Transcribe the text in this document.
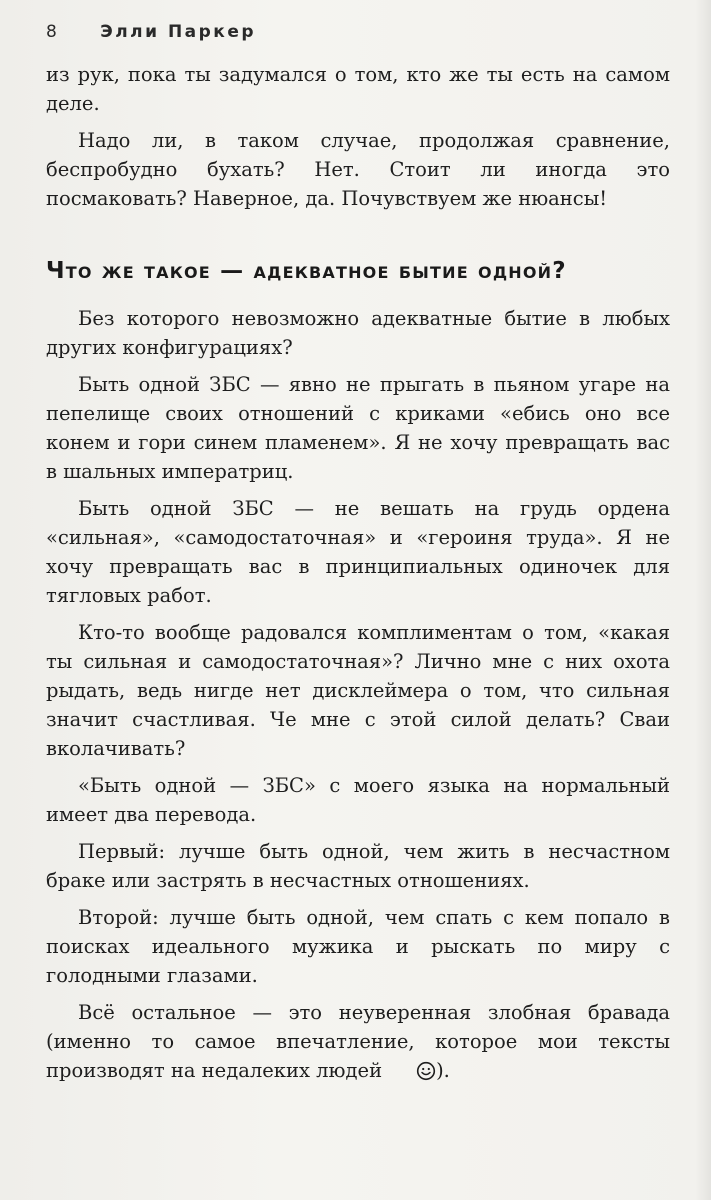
8 Элли Паркер

из рук, пока ты задумался о том, кто же ты есть на самом деле.

Надо ли, в таком случае, продолжая сравнение, беспробудно бухать? Нет. Стоит ли иногда это посмаковать? Наверное, да. Почувствуем же нюансы!

Что же такое — адекватное бытие одной?

Без которого невозможно адекватные бытие в любых других конфигурациях?

Быть одной ЗБС — явно не прыгать в пьяном угаре на пепелище своих отношений с криками «ебись оно все конем и гори синем пламенем». Я не хочу превращать вас в шальных императриц.

Быть одной ЗБС — не вешать на грудь ордена «сильная», «самодостаточная» и «героиня труда». Я не хочу превращать вас в принципиальных одиночек для тягловых работ.

Кто-то вообще радовался комплиментам о том, «какая ты сильная и самодостаточная»? Лично мне с них охота рыдать, ведь нигде нет дисклеймера о том, что сильная значит счастливая. Че мне с этой силой делать? Сваи вколачивать?

«Быть одной — ЗБС» с моего языка на нормальный имеет два перевода.

Первый: лучше быть одной, чем жить в несчастном браке или застрять в несчастных отношениях.

Второй: лучше быть одной, чем спать с кем попало в поисках идеального мужика и рыскать по миру с голодными глазами.

Всё остальное — это неуверенная злобная бравада (именно то самое впечатление, которое мои тексты производят на недалеких людей	).
